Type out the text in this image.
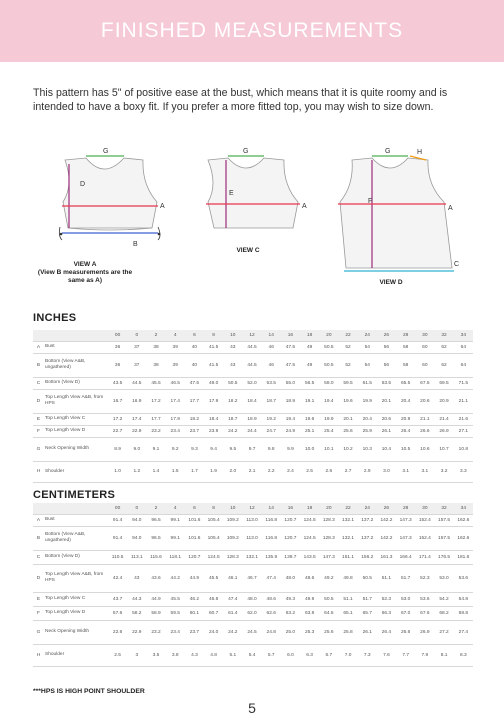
FINISHED MEASUREMENTS

This pattern has 5" of positive ease at the bust, which means that it is quite roomy and is intended to have a boxy fit. If you prefer a more fitted top, you may wish to size down.

G
D
A
B
VIEW A
(View B measurements are the
same as A)
G
E
A
VIEW C
G	H
F
A
C
VIEW D
INCHES
		00	0	2	4	6	8	10	12	14	16	18	20	22	24	26	28	30	32	34
A	Bust	36	37	38	39	40	41.5	43	44.5	46	47.5	49	50.5	52	54	56	58	60	62	64
B	Bottom (View A&B, ungathered)	36	37	38	39	40	41.5	43	44.5	46	47.5	49	50.5	52	54	56	58	60	62	64
C	Bottom (View D)	43.5	44.5	45.5	46.5	47.5	49.0	50.5	52.0	53.5	55.0	56.5	58.0	59.5	61.5	63.5	65.5	67.5	69.5	71.5
D	Top Length View A&B, from HPS	16.7	16.9	17.2	17.4	17.7	17.9	18.2	18.4	18.7	18.9	19.1	19.4	19.6	19.9	20.1	20.4	20.6	20.9	21.1
E	Top Length View C	17.2	17.4	17.7	17.9	18.2	18.4	18.7	18.9	19.2	19.4	19.6	19.9	20.1	20.4	20.6	20.9	21.1	21.4	21.6
F	Top Length View D	22.7	22.9	23.2	23.4	23.7	23.9	24.2	24.4	24.7	24.9	25.1	25.4	25.6	25.9	26.1	26.4	26.6	26.9	27.1
G	Neck Opening Width	8.9	9.0	9.1	9.2	9.3	9.4	9.5	9.7	9.8	9.9	10.0	10.1	10.2	10.3	10.4	10.5	10.6	10.7	10.8
H	Shoulder	1.0	1.2	1.4	1.5	1.7	1.9	2.0	2.1	2.2	2.4	2.5	2.6	2.7	2.9	3.0	3.1	3.1	3.2	3.3
CENTIMETERS
		00	0	2	4	6	8	10	12	14	16	18	20	22	24	26	28	30	32	34
A	Bust	91.4	94.0	96.5	99.1	101.6	105.4	109.2	113.0	116.8	120.7	124.5	128.3	132.1	137.2	142.2	147.3	152.4	157.5	162.6
B	Bottom (View A&B, ungathered)	91.4	94.0	96.5	99.1	101.6	105.4	109.2	113.0	116.8	120.7	124.5	128.3	132.1	137.2	142.2	147.3	152.4	157.5	162.6
C	Bottom (View D)	110.5	113.1	115.6	118.1	120.7	124.5	128.3	132.1	135.9	139.7	143.5	147.3	151.1	156.2	161.3	166.4	171.4	176.5	181.6
D	Top Length View A&B, from HPS	42.4	43	43.6	44.2	44.9	45.5	46.1	46.7	47.4	48.0	48.6	49.2	49.8	50.5	51.1	51.7	52.3	53.0	53.6
E	Top Length View C	43.7	44.3	44.9	45.5	46.2	46.8	47.4	48.0	48.6	49.3	49.9	50.5	51.1	51.7	52.3	53.0	53.6	54.2	54.8
F	Top Length View D	57.6	58.2	58.9	59.5	60.1	60.7	61.4	62.0	62.6	63.2	63.8	64.5	65.1	65.7	66.3	67.0	67.6	68.2	68.8
G	Neck Opening Width	22.6	22.9	23.2	23.4	23.7	24.0	24.2	24.5	24.8	25.0	25.3	25.6	25.8	26.1	26.4	26.6	26.9	27.2	27.4
H	Shoulder	2.5	3	3.5	3.8	4.3	4.8	5.1	5.4	5.7	6.0	6.3	6.7	7.0	7.3	7.6	7.7	7.9	8.1	8.3
***HPS IS HIGH POINT SHOULDER
5
